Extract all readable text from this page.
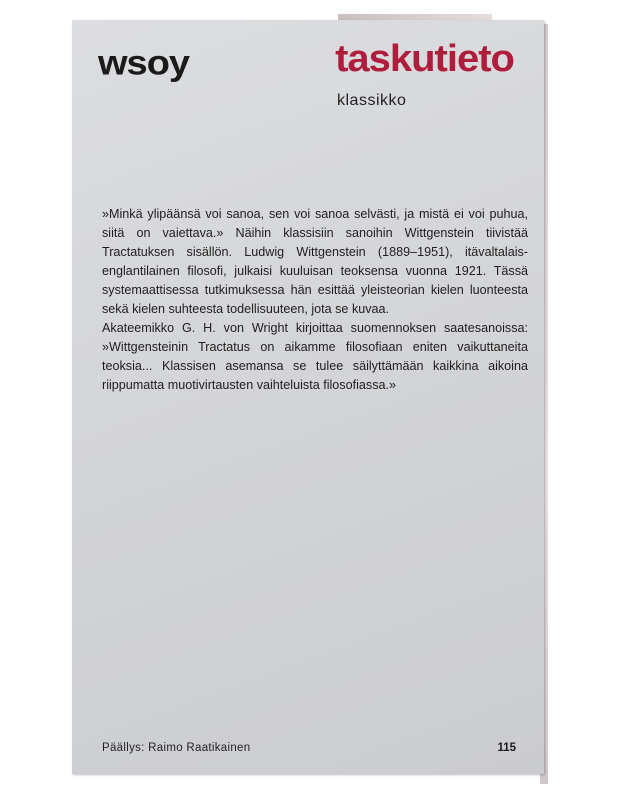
wsoy	taskutieto
klassikko

»Minkä ylipäänsä voi sanoa, sen voi sanoa selvästi, ja mistä ei voi puhua, siitä on vaiettava.» Näihin klassisiin sanoihin Wittgenstein tiivistää Tractatuksen sisällön. Ludwig Wittgenstein (1889–1951), itävaltalais-englantilainen filosofi, julkaisi kuuluisan teoksensa vuonna 1921. Tässä systemaattisessa tutkimuksessa hän esittää yleisteorian kielen luonteesta sekä kielen suhteesta todellisuuteen, jota se kuvaa.

Akateemikko G. H. von Wright kirjoittaa suomennoksen saatesanoissa: »Wittgensteinin Tractatus on aikamme filosofiaan eniten vaikuttaneita teoksia... Klassisen asemansa se tulee säilyttämään kaikkina aikoina riippumatta muotivirtausten vaihteluista filosofiassa.»

Päällys: Raimo Raatikainen	115
